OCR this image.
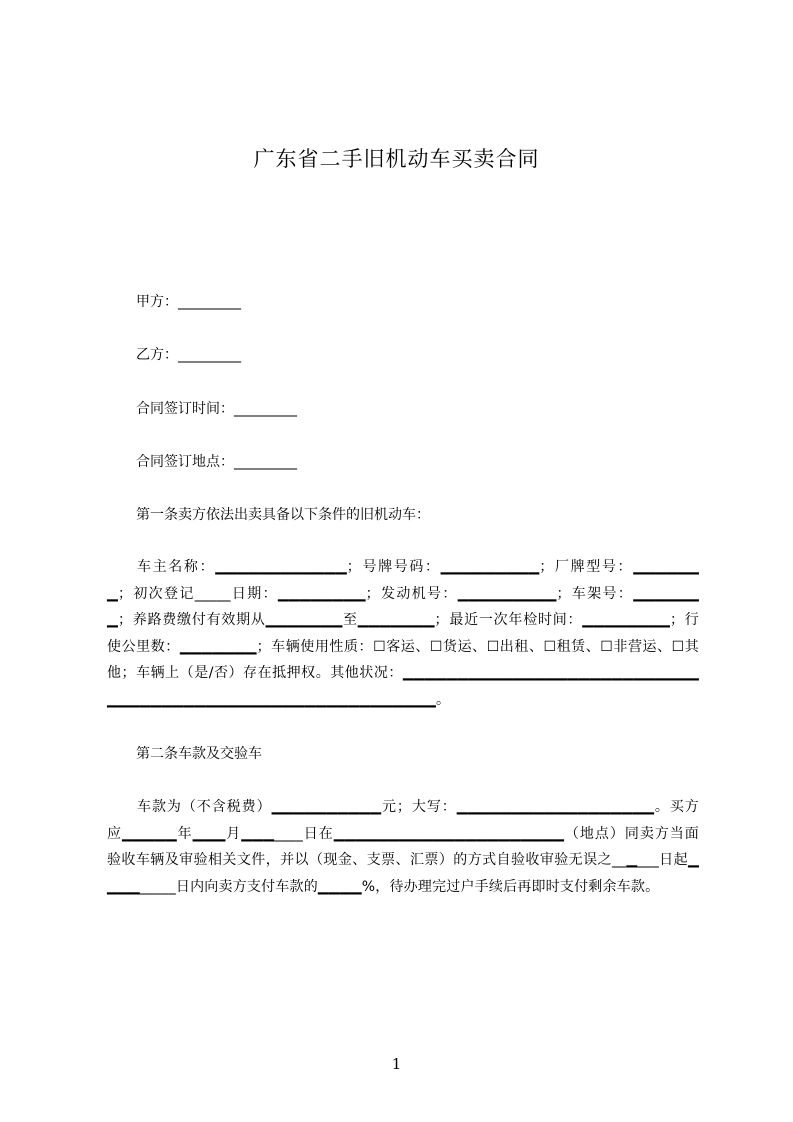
广东省二手旧机动车买卖合同
甲方：_________
乙方：_________
合同签订时间：_________
合同签订地点：_________
第一条卖方依法出卖具备以下条件的旧机动车：
车主名称：▁▁▁▁▁▁▁▁▁▁▁▁；号牌号码：▁▁▁▁▁▁▁▁▁；厂牌型号：▁▁▁▁▁▁▁；初次登记_____日期：▁▁▁▁▁▁▁▁；发动机号：▁▁▁▁▁▁▁▁▁；车架号：▁▁▁▁▁▁▁；养路费缴付有效期从▁▁▁▁▁▁▁至▁▁▁▁▁▁▁；最近一次年检时间：▁▁▁▁▁▁▁▁；行使公里数：▁▁▁▁▁▁▁；车辆使用性质：☐客运、☐货运、☐出租、☐租赁、☐非营运、☐其他；车辆上（是/否）存在抵押权。其他状况：▁▁▁▁▁▁▁▁▁▁▁▁▁▁▁▁▁▁▁▁▁▁▁▁▁▁▁▁▁▁▁▁▁▁▁▁▁▁▁▁▁▁▁▁▁▁▁▁▁▁▁▁▁▁▁▁▁。
第二条车款及交验车
车款为（不含税费）▁▁▁▁▁▁▁▁▁▁元；大写：▁▁▁▁▁▁▁▁▁▁▁▁▁▁▁▁▁▁。买方应▁▁▁▁▁年▁▁▁月▁▁▁____日在▁▁▁▁▁▁▁▁▁▁▁▁▁▁▁▁▁▁▁▁▁（地点）同卖方当面验收车辆及审验相关文件，并以（现金、支票、汇票）的方式自验收审验无误之__▁___日起▁▁▁▁_____日内向卖方支付车款的▁▁▁▁%，待办理完过户手续后再即时支付剩余车款。
1
